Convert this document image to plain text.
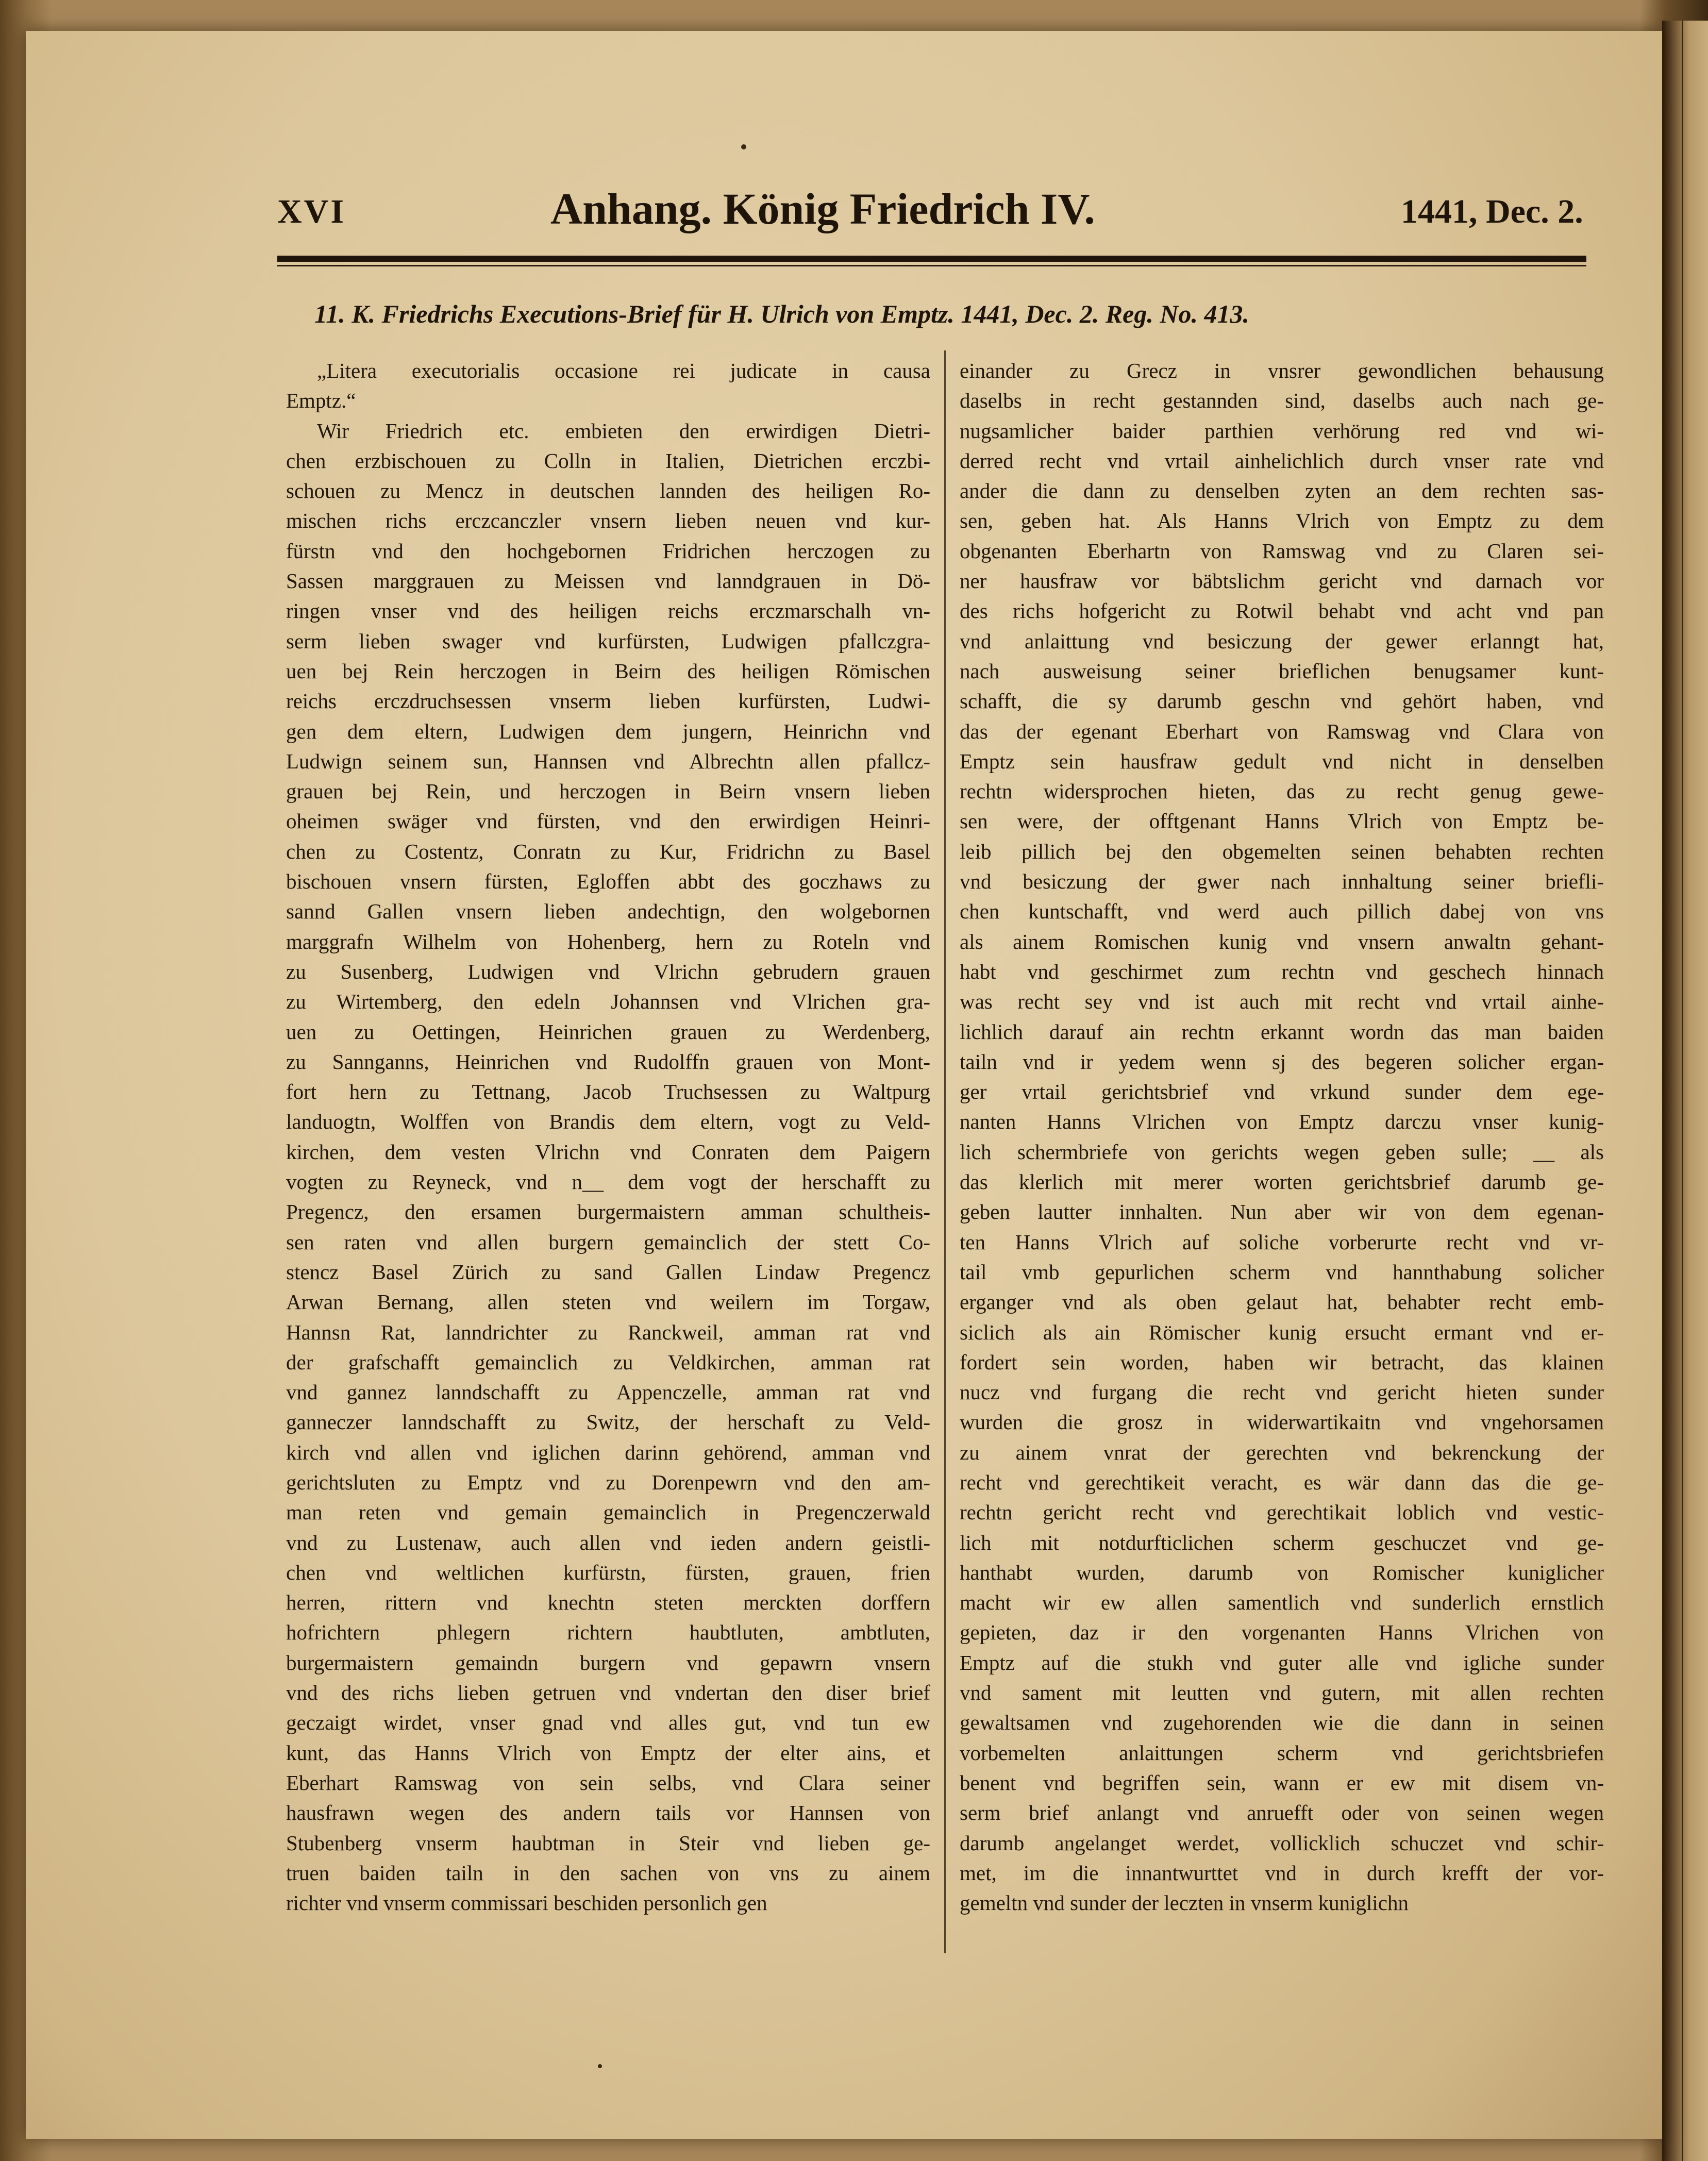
XVI	Anhang. König Friedrich IV.	1441, Dec. 2.
11. K. Friedrichs Executions-Brief für H. Ulrich von Emptz. 1441, Dec. 2. Reg. No. 413.
„Litera executorialis occasione rei judicate in causa
Emptz.“
Wir Friedrich etc. embieten den erwirdigen Dietri-
chen erzbischouen zu Colln in Italien, Dietrichen erczbi-
schouen zu Mencz in deutschen lannden des heiligen Ro-
mischen richs erczcanczler vnsern lieben neuen vnd kur-
fürstn vnd den hochgebornen Fridrichen herczogen zu
Sassen marggrauen zu Meissen vnd lanndgrauen in Dö-
ringen vnser vnd des heiligen reichs erczmarschalh vn-
serm lieben swager vnd kurfürsten, Ludwigen pfallczgra-
uen bej Rein herczogen in Beirn des heiligen Römischen
reichs erczdruchsessen vnserm lieben kurfürsten, Ludwi-
gen dem eltern, Ludwigen dem jungern, Heinrichn vnd
Ludwign seinem sun, Hannsen vnd Albrechtn allen pfallcz-
grauen bej Rein, und herczogen in Beirn vnsern lieben
oheimen swäger vnd fürsten, vnd den erwirdigen Heinri-
chen zu Costentz, Conratn zu Kur, Fridrichn zu Basel
bischouen vnsern fürsten, Egloffen abbt des goczhaws zu
sannd Gallen vnsern lieben andechtign, den wolgebornen
marggrafn Wilhelm von Hohenberg, hern zu Roteln vnd
zu Susenberg, Ludwigen vnd Vlrichn gebrudern grauen
zu Wirtemberg, den edeln Johannsen vnd Vlrichen gra-
uen zu Oettingen, Heinrichen grauen zu Werdenberg,
zu Sannganns, Heinrichen vnd Rudolffn grauen von Mont-
fort hern zu Tettnang, Jacob Truchsessen zu Waltpurg
landuogtn, Wolffen von Brandis dem eltern, vogt zu Veld-
kirchen, dem vesten Vlrichn vnd Conraten dem Paigern
vogten zu Reyneck, vnd n__ dem vogt der herschafft zu
Pregencz, den ersamen burgermaistern amman schultheis-
sen raten vnd allen burgern gemainclich der stett Co-
stencz Basel Zürich zu sand Gallen Lindaw Pregencz
Arwan Bernang, allen steten vnd weilern im Torgaw,
Hannsn Rat, lanndrichter zu Ranckweil, amman rat vnd
der grafschafft gemainclich zu Veldkirchen, amman rat
vnd gannez lanndschafft zu Appenczelle, amman rat vnd
ganneczer lanndschafft zu Switz, der herschaft zu Veld-
kirch vnd allen vnd iglichen darinn gehörend, amman vnd
gerichtsluten zu Emptz vnd zu Dorenpewrn vnd den am-
man reten vnd gemain gemainclich in Pregenczerwald
vnd zu Lustenaw, auch allen vnd ieden andern geistli-
chen vnd weltlichen kurfürstn, fürsten, grauen, frien
herren, rittern vnd knechtn steten merckten dorffern
hofrichtern phlegern richtern haubtluten, ambtluten,
burgermaistern gemaindn burgern vnd gepawrn vnsern
vnd des richs lieben getruen vnd vndertan den diser brief
geczaigt wirdet, vnser gnad vnd alles gut, vnd tun ew
kunt, das Hanns Vlrich von Emptz der elter ains, et
Eberhart Ramswag von sein selbs, vnd Clara seiner
hausfrawn wegen des andern tails vor Hannsen von
Stubenberg vnserm haubtman in Steir vnd lieben ge-
truen baiden tailn in den sachen von vns zu ainem
richter vnd vnserm commissari beschiden personlich gen
einander zu Grecz in vnsrer gewondlichen behausung
daselbs in recht gestannden sind, daselbs auch nach ge-
nugsamlicher baider parthien verhörung red vnd wi-
derred recht vnd vrtail ainhelichlich durch vnser rate vnd
ander die dann zu denselben zyten an dem rechten sas-
sen, geben hat. Als Hanns Vlrich von Emptz zu dem
obgenanten Eberhartn von Ramswag vnd zu Claren sei-
ner hausfraw vor bäbtslichm gericht vnd darnach vor
des richs hofgericht zu Rotwil behabt vnd acht vnd pan
vnd anlaittung vnd besiczung der gewer erlanngt hat,
nach ausweisung seiner brieflichen benugsamer kunt-
schafft, die sy darumb geschn vnd gehört haben, vnd
das der egenant Eberhart von Ramswag vnd Clara von
Emptz sein hausfraw gedult vnd nicht in denselben
rechtn widersprochen hieten, das zu recht genug gewe-
sen were, der offtgenant Hanns Vlrich von Emptz be-
leib pillich bej den obgemelten seinen behabten rechten
vnd besiczung der gwer nach innhaltung seiner briefli-
chen kuntschafft, vnd werd auch pillich dabej von vns
als ainem Romischen kunig vnd vnsern anwaltn gehant-
habt vnd geschirmet zum rechtn vnd geschech hinnach
was recht sey vnd ist auch mit recht vnd vrtail ainhe-
lichlich darauf ain rechtn erkannt wordn das man baiden
tailn vnd ir yedem wenn sj des begeren solicher ergan-
ger vrtail gerichtsbrief vnd vrkund sunder dem ege-
nanten Hanns Vlrichen von Emptz darczu vnser kunig-
lich schermbriefe von gerichts wegen geben sulle; __ als
das klerlich mit merer worten gerichtsbrief darumb ge-
geben lautter innhalten. Nun aber wir von dem egenan-
ten Hanns Vlrich auf soliche vorberurte recht vnd vr-
tail vmb gepurlichen scherm vnd hannthabung solicher
erganger vnd als oben gelaut hat, behabter recht emb-
siclich als ain Römischer kunig ersucht ermant vnd er-
fordert sein worden, haben wir betracht, das klainen
nucz vnd furgang die recht vnd gericht hieten sunder
wurden die grosz in widerwartikaitn vnd vngehorsamen
zu ainem vnrat der gerechten vnd bekrenckung der
recht vnd gerechtikeit veracht, es wär dann das die ge-
rechtn gericht recht vnd gerechtikait loblich vnd vestic-
lich mit notdurfticlichen scherm geschuczet vnd ge-
hanthabt wurden, darumb von Romischer kuniglicher
macht wir ew allen samentlich vnd sunderlich ernstlich
gepieten, daz ir den vorgenanten Hanns Vlrichen von
Emptz auf die stukh vnd guter alle vnd igliche sunder
vnd sament mit leutten vnd gutern, mit allen rechten
gewaltsamen vnd zugehorenden wie die dann in seinen
vorbemelten anlaittungen scherm vnd gerichtsbriefen
benent vnd begriffen sein, wann er ew mit disem vn-
serm brief anlangt vnd anruefft oder von seinen wegen
darumb angelanget werdet, vollicklich schuczet vnd schir-
met, im die innantwurttet vnd in durch krefft der vor-
gemeltn vnd sunder der leczten in vnserm kuniglichn
